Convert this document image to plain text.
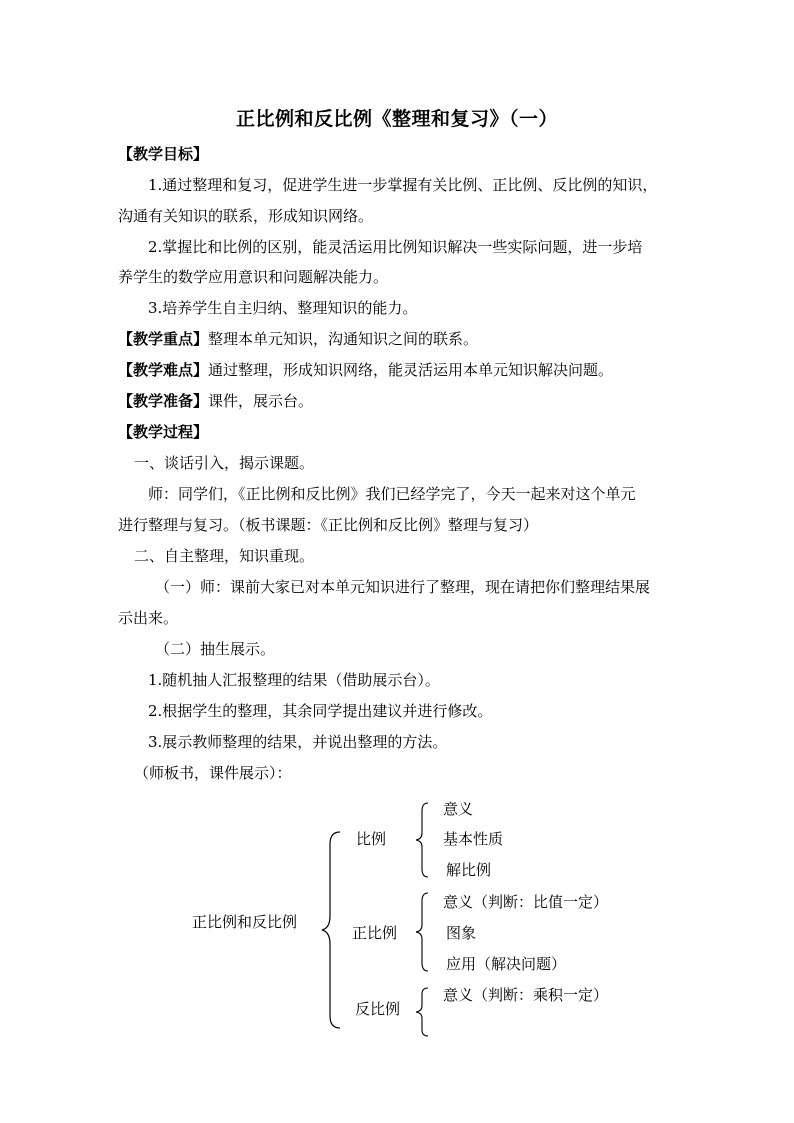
正比例和反比例《整理和复习》（一）
【教学目标】
1.通过整理和复习，促进学生进一步掌握有关比例、正比例、反比例的知识，
沟通有关知识的联系，形成知识网络。
2.掌握比和比例的区别，能灵活运用比例知识解决一些实际问题，进一步培
养学生的数学应用意识和问题解决能力。
3.培养学生自主归纳、整理知识的能力。
【教学重点】整理本单元知识，沟通知识之间的联系。
【教学难点】通过整理，形成知识网络，能灵活运用本单元知识解决问题。
【教学准备】课件，展示台。
【教学过程】
一、谈话引入，揭示课题。
师：同学们，《正比例和反比例》我们已经学完了，今天一起来对这个单元
进行整理与复习。（板书课题：《正比例和反比例》整理与复习）
二、自主整理，知识重现。
（一）师：课前大家已对本单元知识进行了整理，现在请把你们整理结果展
示出来。
（二）抽生展示。
1.随机抽人汇报整理的结果（借助展示台）。
2.根据学生的整理，其余同学提出建议并进行修改。
3.展示教师整理的结果，并说出整理的方法。
（师板书，课件展示）：
正比例和反比例
比例
正比例
反比例
意义
基本性质
解比例
意义（判断：比值一定）
图象
应用（解决问题）
意义（判断：乘积一定）
